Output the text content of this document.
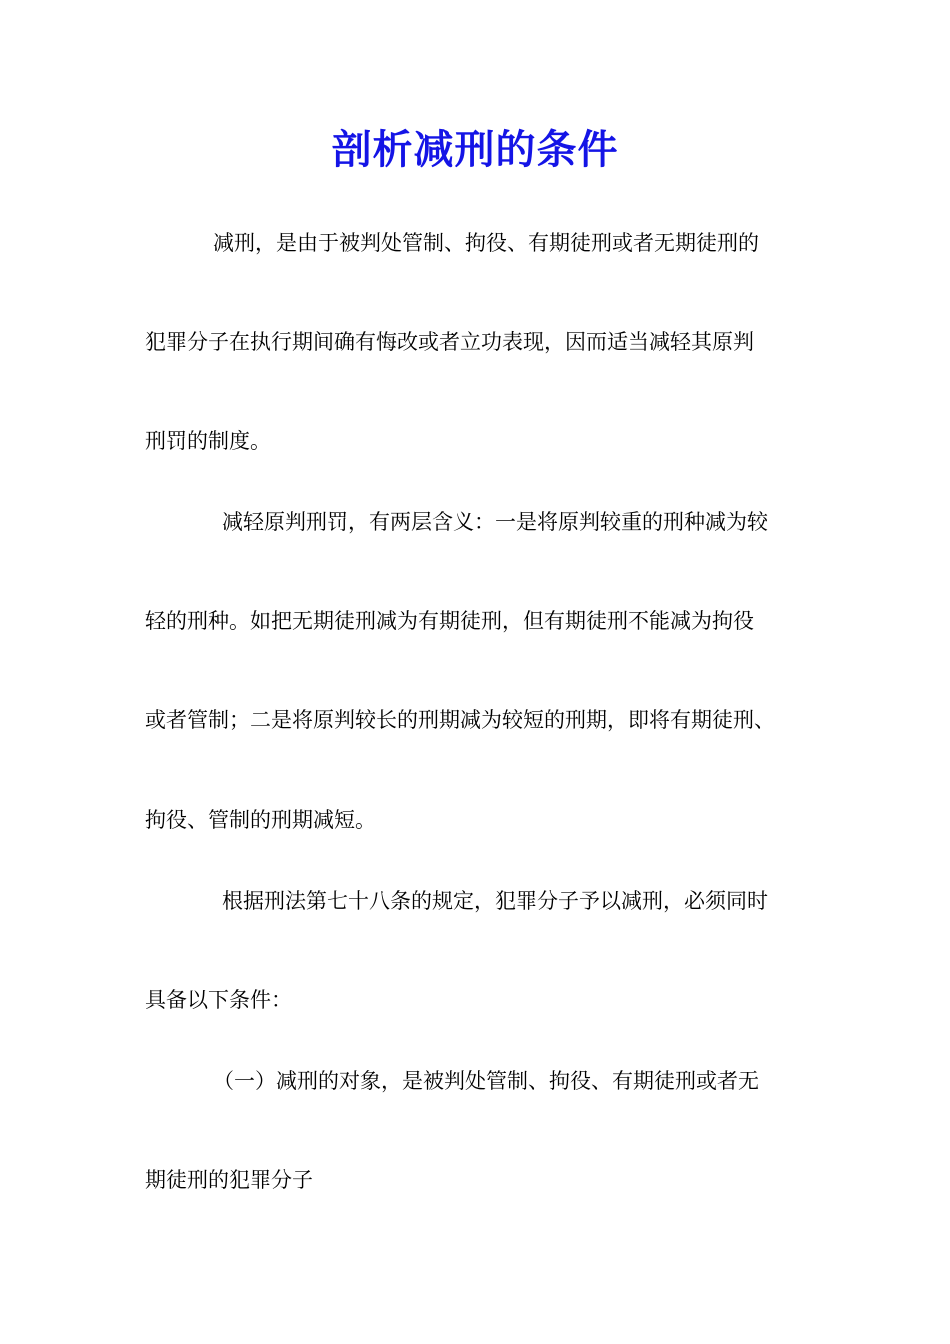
剖析减刑的条件

减刑，是由于被判处管制、拘役、有期徒刑或者无期徒刑的

犯罪分子在执行期间确有悔改或者立功表现，因而适当减轻其原判

刑罚的制度。

减轻原判刑罚，有两层含义：一是将原判较重的刑种减为较

轻的刑种。如把无期徒刑减为有期徒刑，但有期徒刑不能减为拘役

或者管制；二是将原判较长的刑期减为较短的刑期，即将有期徒刑、

拘役、管制的刑期减短。

根据刑法第七十八条的规定，犯罪分子予以减刑，必须同时

具备以下条件：

（一）减刑的对象，是被判处管制、拘役、有期徒刑或者无

期徒刑的犯罪分子
